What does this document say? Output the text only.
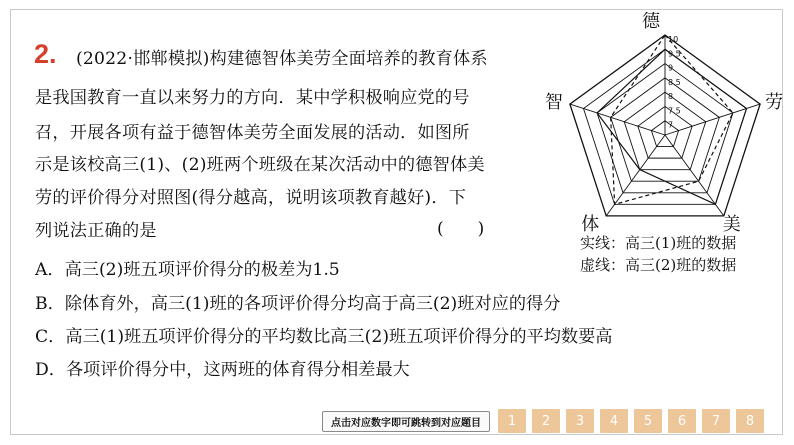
2. (2022·邯郸模拟)构建德智体美劳全面培养的教育体系
是我国教育一直以来努力的方向．某中学积极响应党的号
召，开展各项有益于德智体美劳全面发展的活动．如图所
示是该校高三(1)、(2)班两个班级在某次活动中的德智体美
劳的评价得分对照图(得分越高，说明该项教育越好)．下
列说法正确的是	(　　)
A．高三(2)班五项评价得分的极差为1.5
B．除体育外，高三(1)班的各项评价得分均高于高三(2)班对应的得分
C．高三(1)班五项评价得分的平均数比高三(2)班五项评价得分的平均数要高
D．各项评价得分中，这两班的体育得分相差最大
7
7.5
8
8.5
9
9.5
10
德
劳
美
体
智
实线：高三(1)班的数据
虚线：高三(2)班的数据
点击对应数字即可跳转到对应题目	1	2	3	4	5	6	7	8
